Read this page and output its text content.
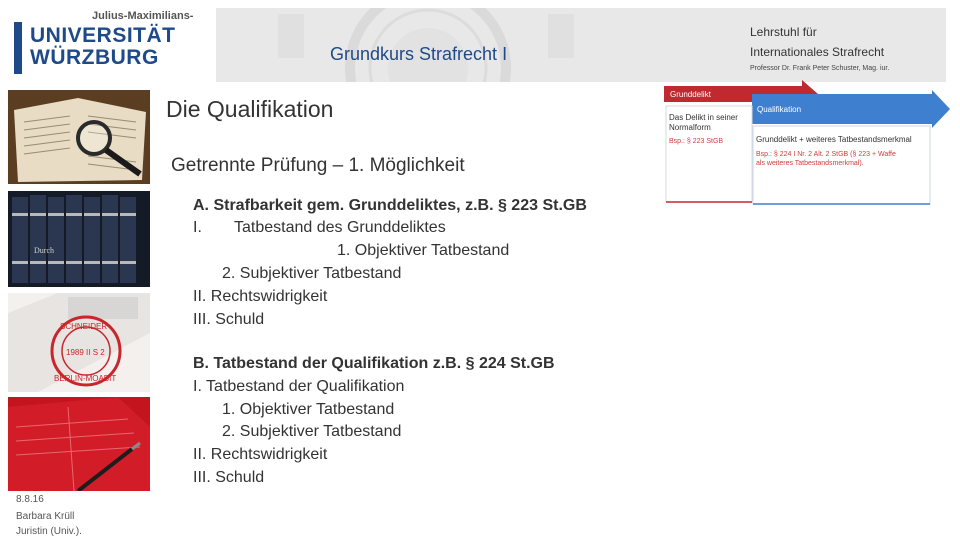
Julius-Maximilians-
UNIVERSITÄT
WÜRZBURG	Grundkurs Strafrecht I
Lehrstuhl für
Internationales Strafrecht
Professor Dr. Frank Peter Schuster, Mag. iur.
Durch
SCHNEIDER
1989 II S 2
BERLIN-MOABIT
Die Qualifikation
Getrennte Prüfung – 1. Möglichkeit
A. Strafbarkeit gem. Grunddeliktes, z.B. § 223 St.GB
I. Tatbestand des Grunddeliktes
1. Objektiver Tatbestand
2. Subjektiver Tatbestand
II. Rechtswidrigkeit
III. Schuld
B. Tatbestand der Qualifikation z.B. § 224 St.GB
I. Tatbestand der Qualifikation
1. Objektiver Tatbestand
2. Subjektiver Tatbestand
II. Rechtswidrigkeit
III. Schuld
Grunddelikt
Qualifikation
Das Delikt in seiner
Normalform
Bsp.: § 223 StGB	Grunddelikt + weiteres Tatbestandsmerkmal
Bsp.: § 224 I Nr. 2 Alt. 2 StGB (§ 223 + Waffe
als weiteres Tatbestandsmerkmal).
8.8.16
Barbara Krüll
Juristin (Univ.).
